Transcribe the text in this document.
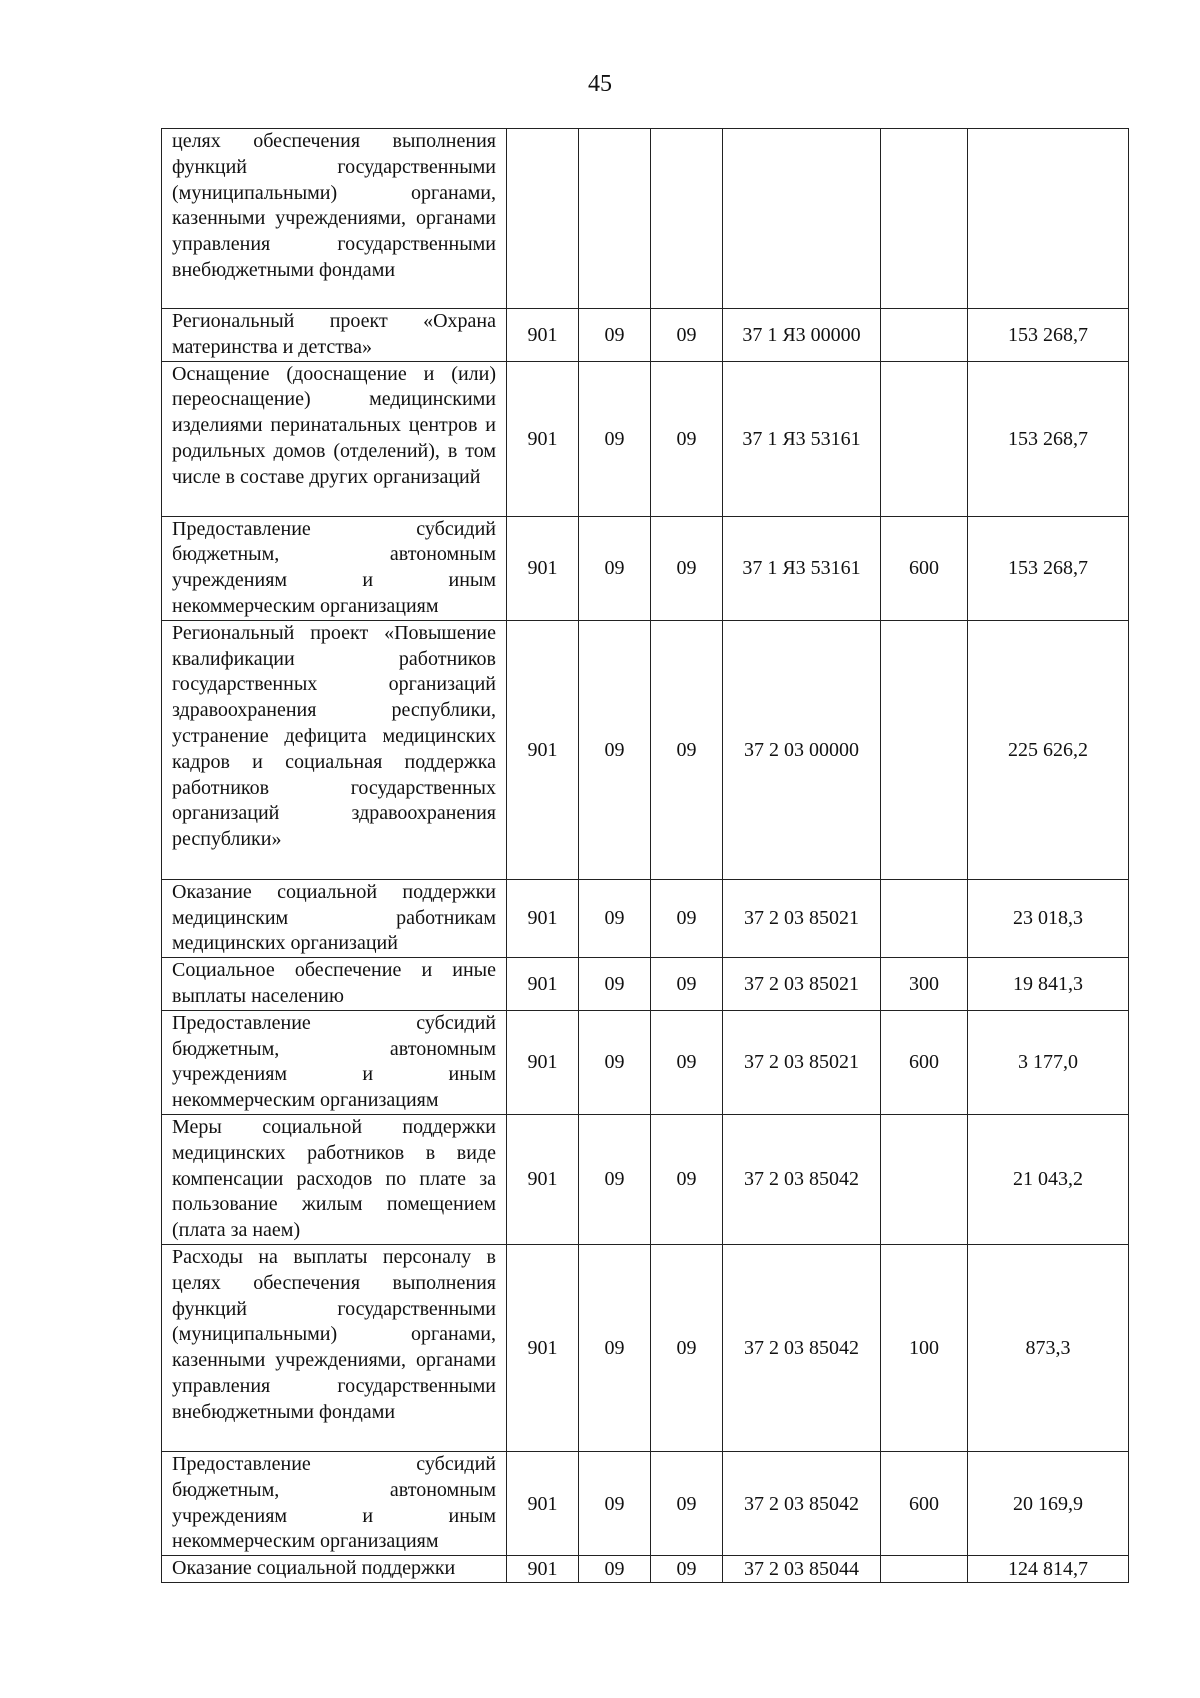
45
целях обеспечения выполнения функций государственными (муниципальными) органами, казенными учреждениями, органами управления государственными внебюджетными фондами						
Региональный проект «Охрана материнства и детства»	901	09	09	37 1 Я3 00000		153 268,7
Оснащение (дооснащение и (или) переоснащение) медицинскими изделиями перинатальных центров и родильных домов (отделений), в том числе в составе других организаций	901	09	09	37 1 Я3 53161		153 268,7
Предоставление субсидий бюджетным, автономным учреждениям и иным некоммерческим организациям	901	09	09	37 1 Я3 53161	600	153 268,7
Региональный проект «Повышение квалификации работников государственных организаций здравоохранения республики, устранение дефицита медицинских кадров и социальная поддержка работников государственных организаций здравоохранения республики»	901	09	09	37 2 03 00000		225 626,2
Оказание социальной поддержки медицинским работникам медицинских организаций	901	09	09	37 2 03 85021		23 018,3
Социальное обеспечение и иные выплаты населению	901	09	09	37 2 03 85021	300	19 841,3
Предоставление субсидий бюджетным, автономным учреждениям и иным некоммерческим организациям	901	09	09	37 2 03 85021	600	3 177,0
Меры социальной поддержки медицинских работников в виде компенсации расходов по плате за пользование жилым помещением (плата за наем)	901	09	09	37 2 03 85042		21 043,2
Расходы на выплаты персоналу в целях обеспечения выполнения функций государственными (муниципальными) органами, казенными учреждениями, органами управления государственными внебюджетными фондами	901	09	09	37 2 03 85042	100	873,3
Предоставление субсидий бюджетным, автономным учреждениям и иным некоммерческим организациям	901	09	09	37 2 03 85042	600	20 169,9
Оказание социальной поддержки	901	09	09	37 2 03 85044		124 814,7
